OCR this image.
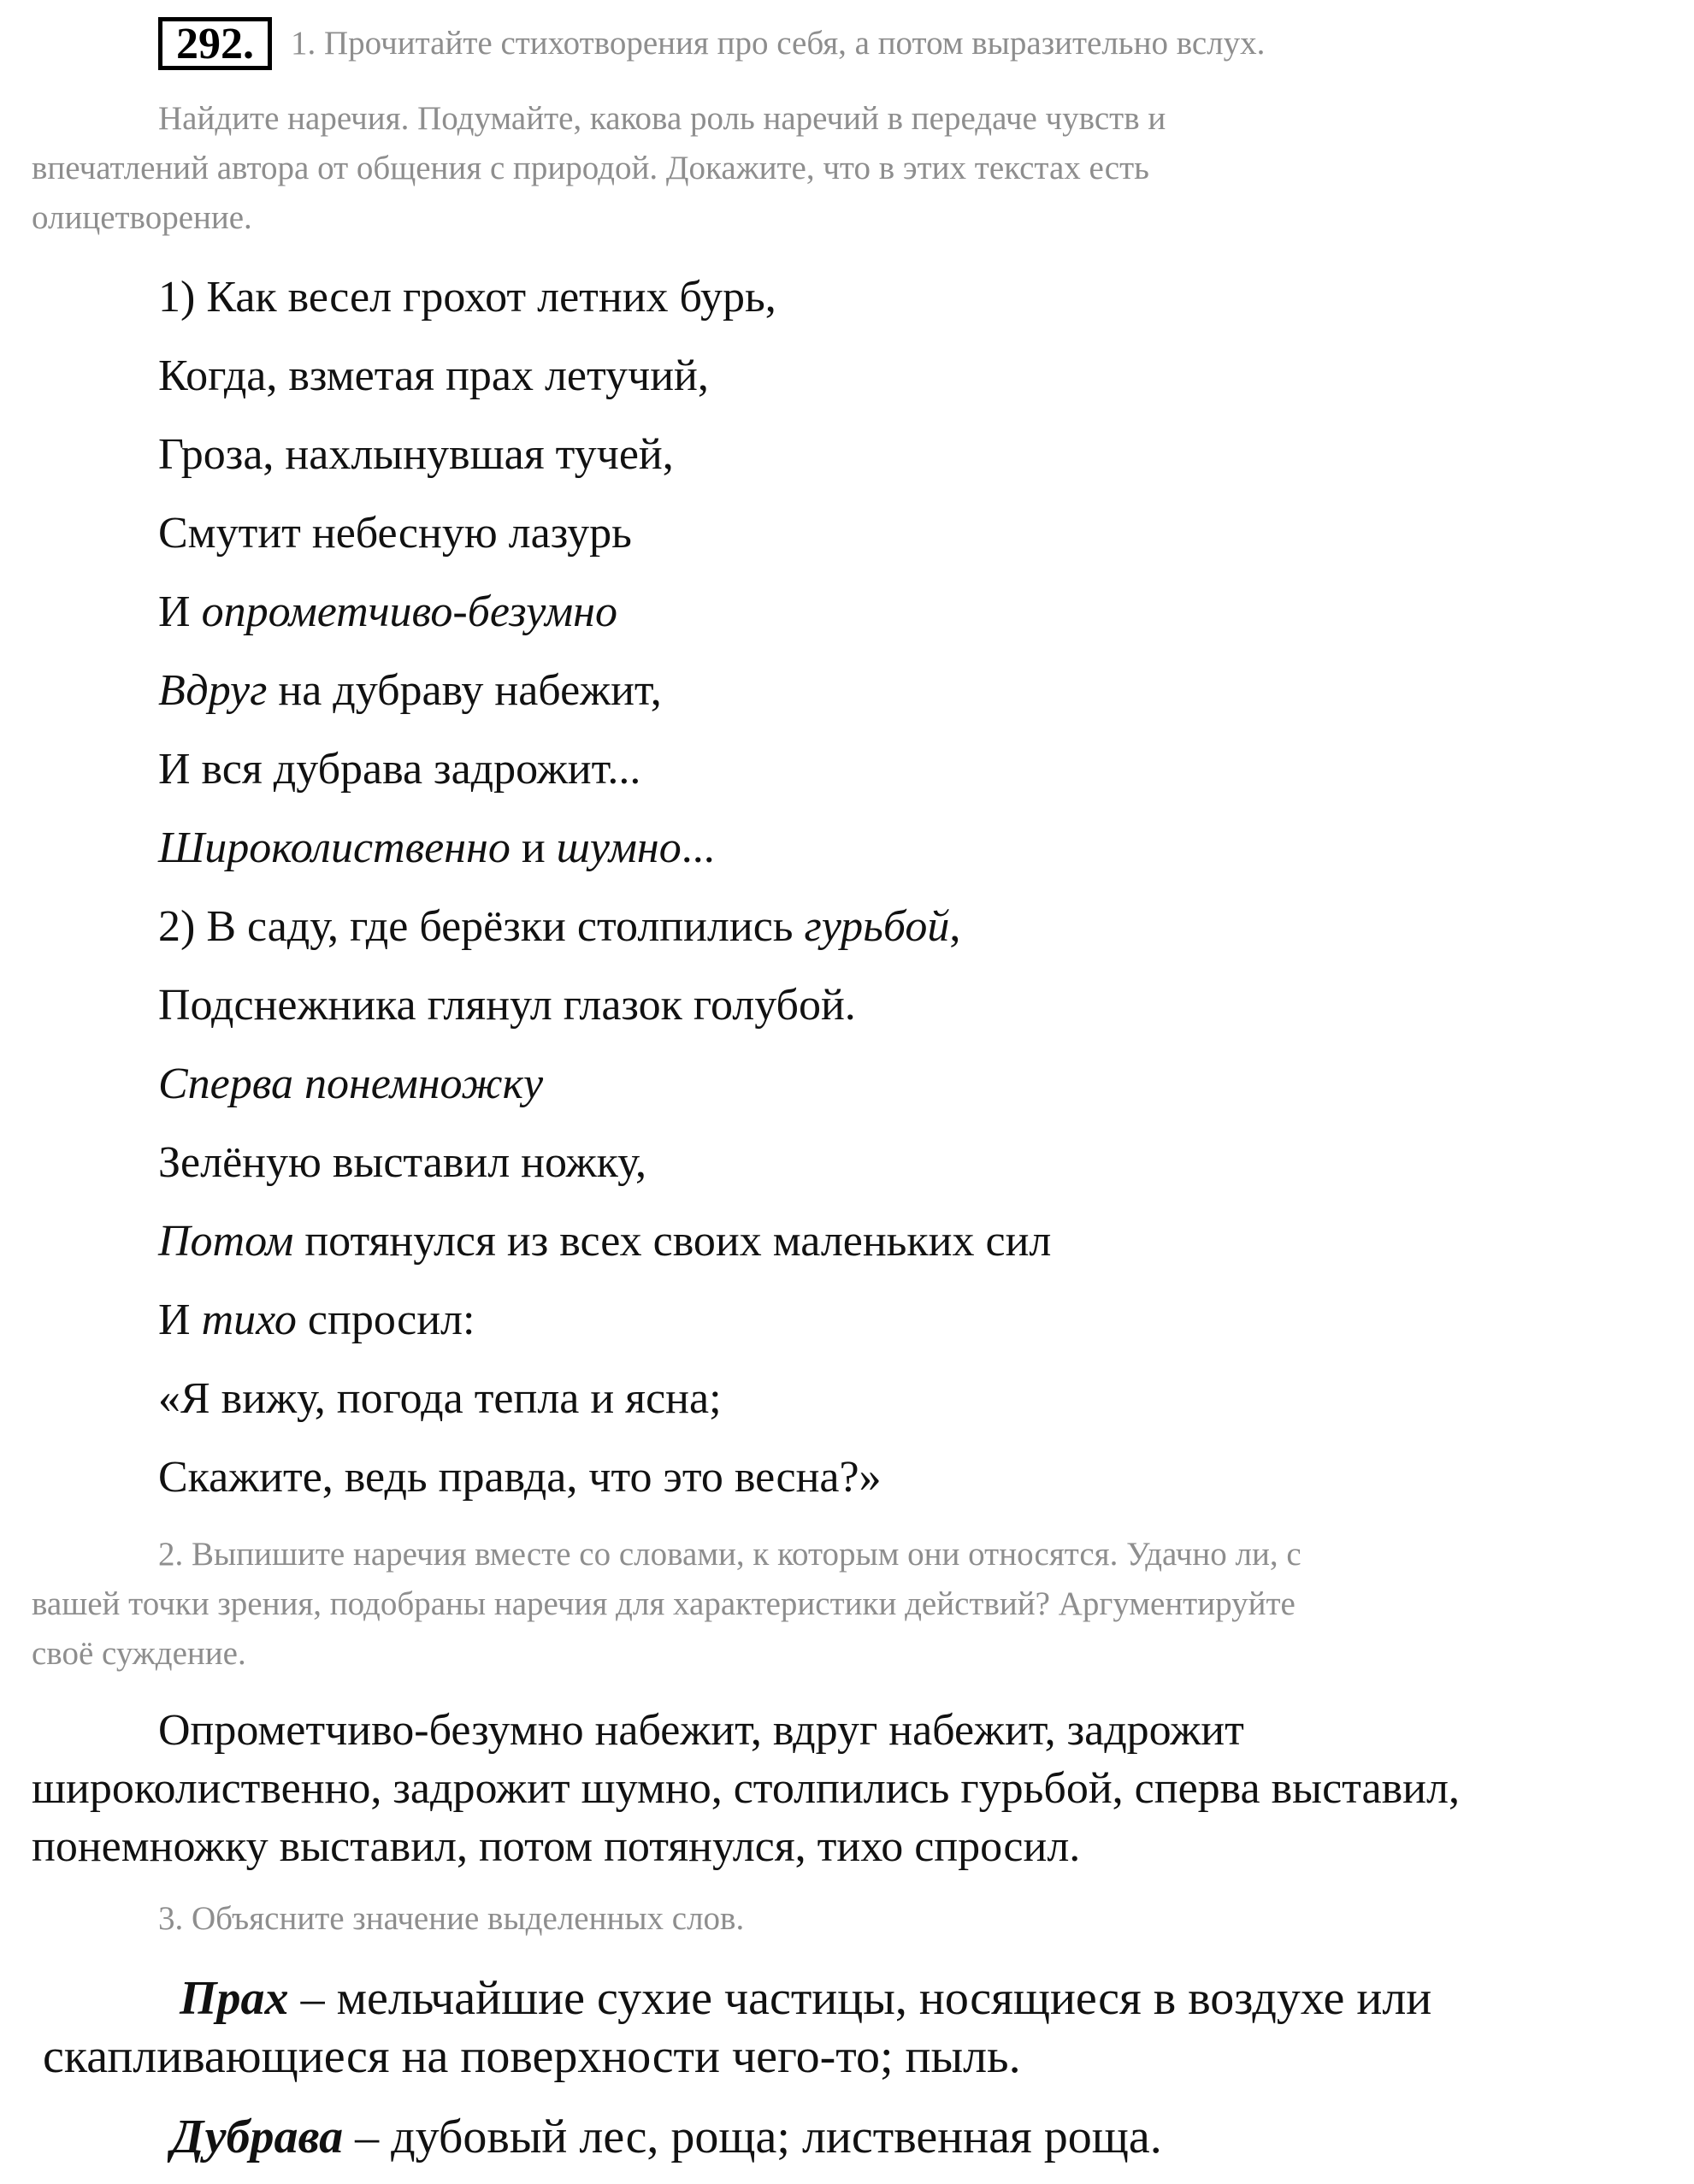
292.	1. Прочитайте стихотворения про себя, а потом выразительно вслух.
Найдите наречия. Подумайте, какова роль наречий в передаче чувств и
впечатлений автора от общения с природой. Докажите, что в этих текстах есть
олицетворение.
1) Как весел грохот летних бурь,
Когда, взметая прах летучий,
Гроза, нахлынувшая тучей,
Смутит небесную лазурь
И опрометчиво-безумно
Вдруг на дубраву набежит,
И вся дубрава задрожит...
Широколиственно и шумно...
2) В саду, где берёзки столпились гурьбой,
Подснежника глянул глазок голубой.
Сперва понемножку
Зелёную выставил ножку,
Потом потянулся из всех своих маленьких сил
И тихо спросил:
«Я вижу, погода тепла и ясна;
Скажите, ведь правда, что это весна?»
2. Выпишите наречия вместе со словами, к которым они относятся. Удачно ли, с
вашей точки зрения, подобраны наречия для характеристики действий? Аргументируйте
своё суждение.
Опрометчиво-безумно набежит, вдруг набежит, задрожит
широколиственно, задрожит шумно, столпились гурьбой, сперва выставил,
понемножку выставил, потом потянулся, тихо спросил.
3. Объясните значение выделенных слов.
Прах – мельчайшие сухие частицы, носящиеся в воздухе или
скапливающиеся на поверхности чего-то; пыль.
Дубрава – дубовый лес, роща; лиственная роща.
